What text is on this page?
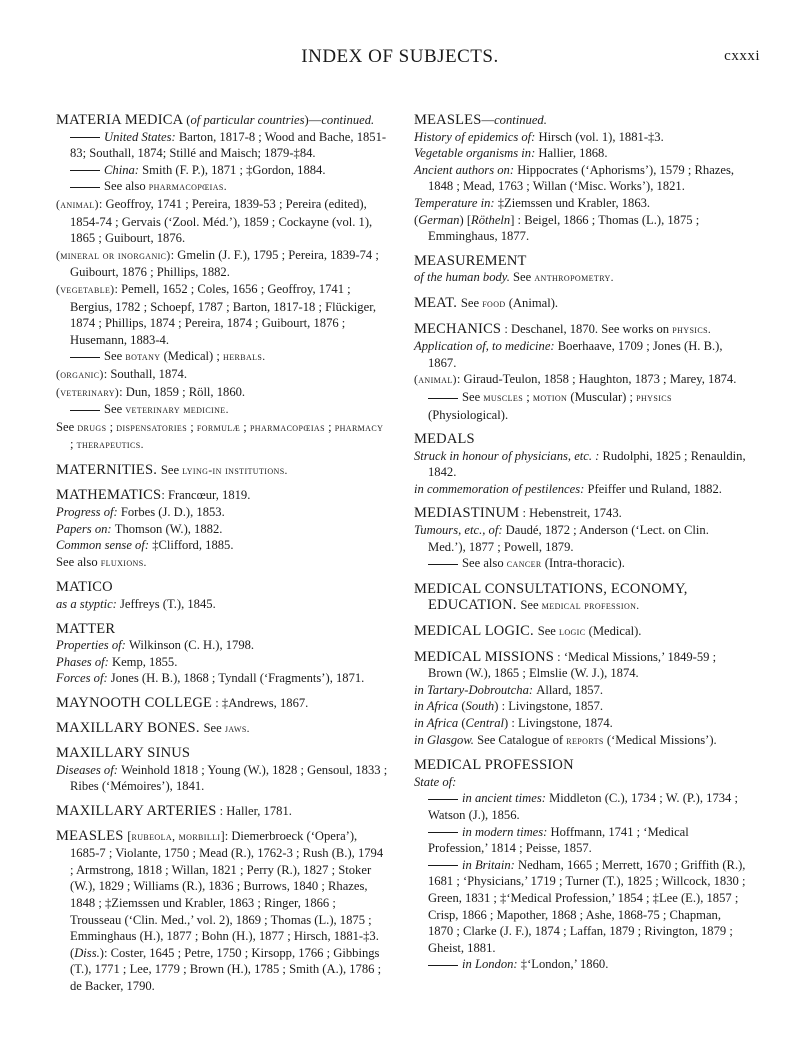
INDEX OF SUBJECTS.	cxxxi
MATERIA MEDICA (of particular countries)—continued.
United States: Barton, 1817-8 ; Wood and Bache, 1851-83; Southall, 1874; Stillé and Maisch; 1879-‡84.
China: Smith (F. P.), 1871 ; ‡Gordon, 1884.
See also pharmacopœias.
(animal): Geoffroy, 1741 ; Pereira, 1839-53 ; Pereira (edited), 1854-74 ; Gervais (‘Zool. Méd.’), 1859 ; Cockayne (vol. 1), 1865 ; Guibourt, 1876.
(mineral or inorganic): Gmelin (J. F.), 1795 ; Pereira, 1839-74 ; Guibourt, 1876 ; Phillips, 1882.
(vegetable): Pemell, 1652 ; Coles, 1656 ; Geoffroy, 1741 ; Bergius, 1782 ; Schoepf, 1787 ; Barton, 1817-18 ; Flückiger, 1874 ; Phillips, 1874 ; Pereira, 1874 ; Guibourt, 1876 ; Husemann, 1883-4.
See botany (Medical) ; herbals.
(organic): Southall, 1874.
(veterinary): Dun, 1859 ; Röll, 1860.
See veterinary medicine.
See drugs ; dispensatories ; formulæ ; pharmacopœias ; pharmacy ; therapeutics.
MATERNITIES. See lying-in institutions.
MATHEMATICS: Francœur, 1819.
Progress of: Forbes (J. D.), 1853.
Papers on: Thomson (W.), 1882.
Common sense of: ‡Clifford, 1885.
See also fluxions.
MATICO
as a styptic: Jeffreys (T.), 1845.
MATTER
Properties of: Wilkinson (C. H.), 1798.
Phases of: Kemp, 1855.
Forces of: Jones (H. B.), 1868 ; Tyndall (‘Fragments’), 1871.
MAYNOOTH COLLEGE : ‡Andrews, 1867.
MAXILLARY BONES. See jaws.
MAXILLARY SINUS
Diseases of: Weinhold 1818 ; Young (W.), 1828 ; Gensoul, 1833 ; Ribes (‘Mémoires’), 1841.
MAXILLARY ARTERIES : Haller, 1781.
MEASLES [rubeola, morbilli]: Diemerbroeck (‘Opera’), 1685-7 ; Violante, 1750 ; Mead (R.), 1762-3 ; Rush (B.), 1794 ; Armstrong, 1818 ; Willan, 1821 ; Perry (R.), 1827 ; Stoker (W.), 1829 ; Williams (R.), 1836 ; Burrows, 1840 ; Rhazes, 1848 ; ‡Ziemssen und Krabler, 1863 ; Ringer, 1866 ; Trousseau (‘Clin. Med.,’ vol. 2), 1869 ; Thomas (L.), 1875 ; Emminghaus (H.), 1877 ; Bohn (H.), 1877 ; Hirsch, 1881-‡3. (Diss.): Coster, 1645 ; Petre, 1750 ; Kirsopp, 1766 ; Gibbings (T.), 1771 ; Lee, 1779 ; Brown (H.), 1785 ; Smith (A.), 1786 ; de Backer, 1790.
MEASLES—continued.
History of epidemics of: Hirsch (vol. 1), 1881-‡3.
Vegetable organisms in: Hallier, 1868.
Ancient authors on: Hippocrates (‘Aphorisms’), 1579 ; Rhazes, 1848 ; Mead, 1763 ; Willan (‘Misc. Works’), 1821.
Temperature in: ‡Ziemssen und Krabler, 1863.
(German) [Rötheln] : Beigel, 1866 ; Thomas (L.), 1875 ; Emminghaus, 1877.
MEASUREMENT
of the human body. See anthropometry.
MEAT. See food (Animal).
MECHANICS : Deschanel, 1870. See works on physics.
Application of, to medicine: Boerhaave, 1709 ; Jones (H. B.), 1867.
(animal): Giraud-Teulon, 1858 ; Haughton, 1873 ; Marey, 1874.
See muscles ; motion (Muscular) ; physics (Physiological).
MEDALS
Struck in honour of physicians, etc. : Rudolphi, 1825 ; Renauldin, 1842.
in commemoration of pestilences: Pfeiffer und Ruland, 1882.
MEDIASTINUM : Hebenstreit, 1743.
Tumours, etc., of: Daudé, 1872 ; Anderson (‘Lect. on Clin. Med.’), 1877 ; Powell, 1879.
See also cancer (Intra-thoracic).
MEDICAL CONSULTATIONS, ECONOMY, EDUCATION. See medical profession.
MEDICAL LOGIC. See logic (Medical).
MEDICAL MISSIONS : ‘Medical Missions,’ 1849-59 ; Brown (W.), 1865 ; Elmslie (W. J.), 1874.
in Tartary-Dobroutcha: Allard, 1857.
in Africa (South) : Livingstone, 1857.
in Africa (Central) : Livingstone, 1874.
in Glasgow. See Catalogue of reports (‘Medical Missions’).
MEDICAL PROFESSION
State of:
in ancient times: Middleton (C.), 1734 ; W. (P.), 1734 ; Watson (J.), 1856.
in modern times: Hoffmann, 1741 ; ‘Medical Profession,’ 1814 ; Peisse, 1857.
in Britain: Nedham, 1665 ; Merrett, 1670 ; Griffith (R.), 1681 ; ‘Physicians,’ 1719 ; Turner (T.), 1825 ; Willcock, 1830 ; Green, 1831 ; ‡‘Medical Profession,’ 1854 ; ‡Lee (E.), 1857 ; Crisp, 1866 ; Mapother, 1868 ; Ashe, 1868-75 ; Chapman, 1870 ; Clarke (J. F.), 1874 ; Laffan, 1879 ; Rivington, 1879 ; Gheist, 1881.
in London: ‡‘London,’ 1860.
